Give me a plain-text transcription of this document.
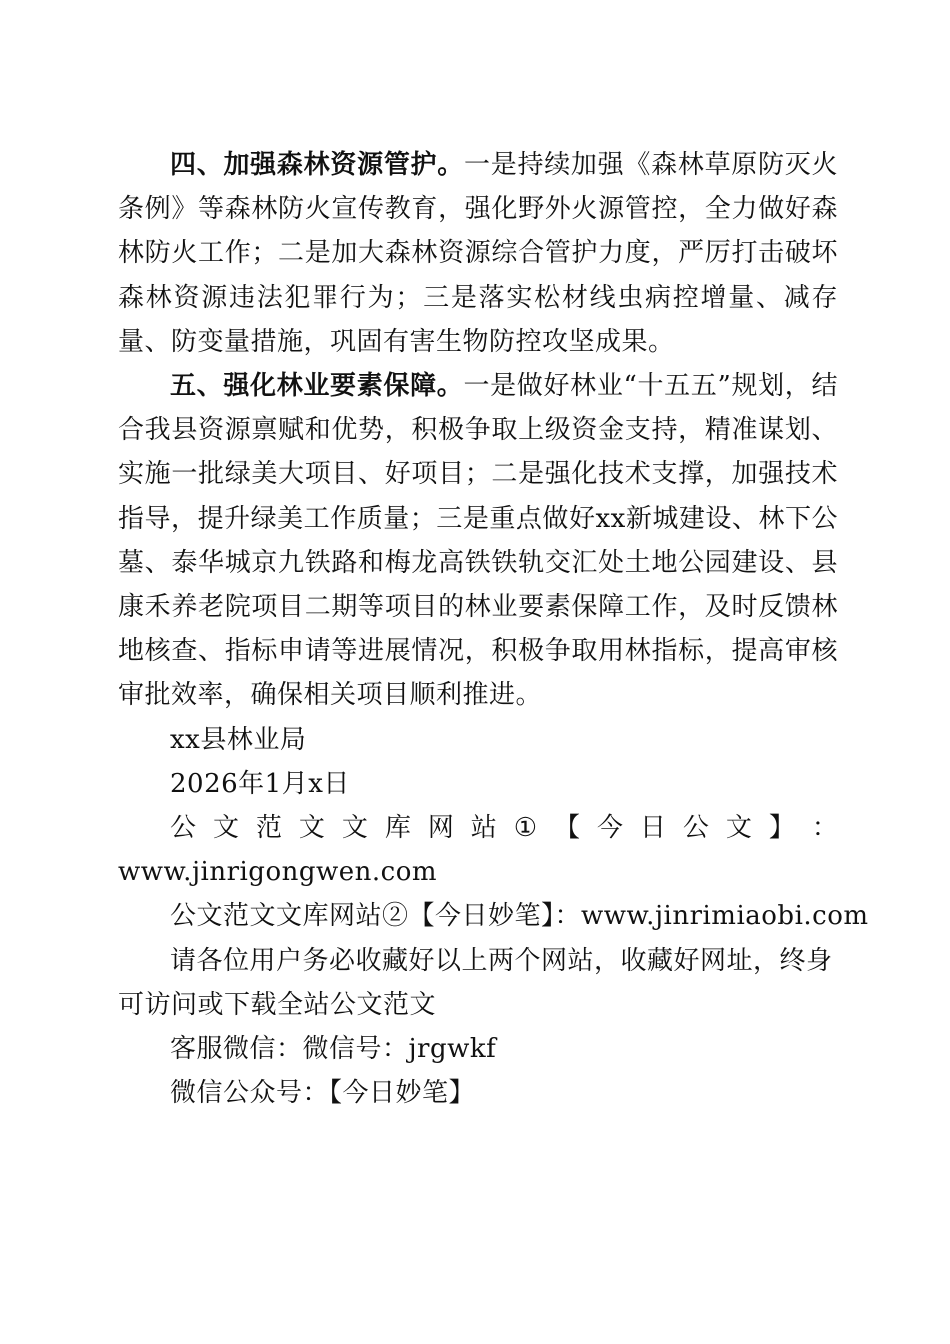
四、加强森林资源管护。一是持续加强《森林草原防灭火条例》等森林防火宣传教育，强化野外火源管控，全力做好森林防火工作；二是加大森林资源综合管护力度，严厉打击破坏森林资源违法犯罪行为；三是落实松材线虫病控增量、减存量、防变量措施，巩固有害生物防控攻坚成果。

五、强化林业要素保障。一是做好林业“十五五”规划，结合我县资源禀赋和优势，积极争取上级资金支持，精准谋划、实施一批绿美大项目、好项目；二是强化技术支撑，加强技术指导，提升绿美工作质量；三是重点做好xx新城建设、林下公墓、泰华城京九铁路和梅龙高铁铁轨交汇处土地公园建设、县康禾养老院项目二期等项目的林业要素保障工作，及时反馈林地核查、指标申请等进展情况，积极争取用林指标，提高审核审批效率，确保相关项目顺利推进。

xx县林业局

2026年1月x日

公 文 范 文 文 库 网 站 ① 【 今 日 公 文 】 ：

www.jinrigongwen.com

公文范文文库网站②【今日妙笔】：www.jinrimiaobi.com

请各位用户务必收藏好以上两个网站，收藏好网址，终身可访问或下载全站公文范文

客服微信：微信号：jrgwkf

微信公众号：【今日妙笔】
